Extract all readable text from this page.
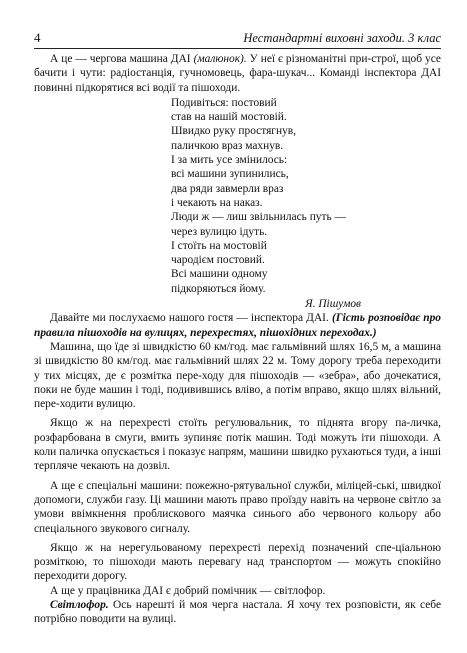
4	Нестандартні виховні заходи. 3 клас

А це — чергова машина ДАІ (малюнок). У неї є різноманітні при-строї, щоб усе бачити і чути: радіостанція, гучномовець, фара-шукач... Команді інспектора ДАІ повинні підкорятися всі водії та пішоходи.

Подивіться: постовий
став на нашій мостовій.
Швидко руку простягнув,
паличкою враз махнув.
І за мить усе змінилось:
всі машини зупинились,
два ряди завмерли враз
і чекають на наказ.
Люди ж — лиш звільнилась путь —
через вулицю ідуть.
І стоїть на мостовій
чародієм постовий.
Всі машини одному
підкоряються йому.
Я. Пішумов

Давайте ми послухаємо нашого гостя — інспектора ДАІ. (Гість розповідає про правила пішоходів на вулицях, перехрестях, пішохідних переходах.)

Машина, що їде зі швидкістю 60 км/год. має гальмівний шлях 16,5 м, а машина зі швидкістю 80 км/год. має гальмівний шлях 22 м. Тому дорогу треба переходити у тих місцях, де є розмітка пере-ходу для пішоходів — «зебра», або дочекатися, поки не буде машин і тоді, подивившись вліво, а потім вправо, якщо шлях вільний, пере-ходити вулицю.

Якщо ж на перехресті стоїть регулювальник, то піднята вгору па-личка, розфарбована в смуги, вмить зупиняє потік машин. Тоді можуть іти пішоходи. А коли паличка опускається і показує напрям, машини швидко рухаються туди, а інші терпляче чекають на дозвіл.

А ще є спеціальні машини: пожежно-рятувальної служби, міліцей-ські, швидкої допомоги, служби газу. Ці машини мають право проїзду навіть на червоне світло за умови ввімкнення проблискового маячка синього або червоного кольору або спеціального звукового сигналу.

Якщо ж на нерегульованому перехресті перехід позначений спе-ціальною розміткою, то пішоходи мають перевагу над транспортом — можуть спокійно переходити дорогу.

А ще у працівника ДАІ є добрий помічник — світлофор.

Світлофор. Ось нарешті й моя черга настала. Я хочу тех розповісти, як себе потрібно поводити на вулиці.
